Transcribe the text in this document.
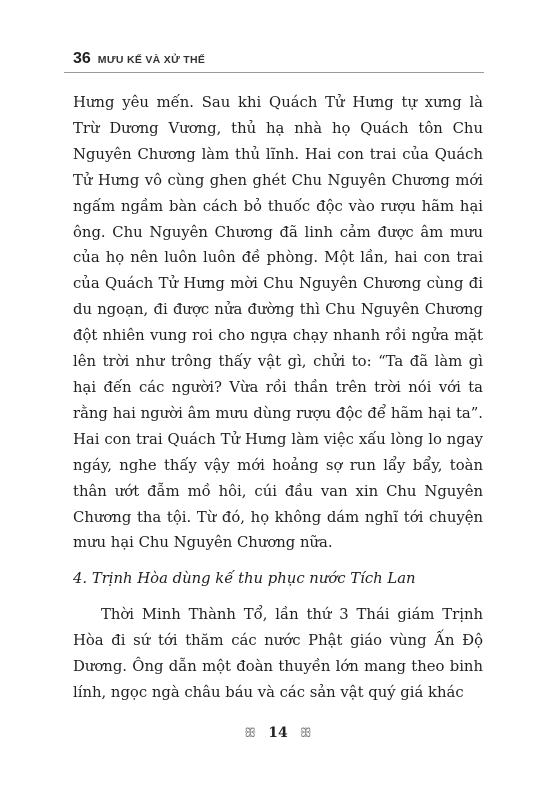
36 MƯU KẾ VÀ XỬ THẾ

Hưng yêu mến. Sau khi Quách Tử Hưng tự xưng là Trừ Dương Vương, thủ hạ nhà họ Quách tôn Chu Nguyên Chương làm thủ lĩnh. Hai con trai của Quách Tử Hưng vô cùng ghen ghét Chu Nguyên Chương mới ngấm ngầm bàn cách bỏ thuốc độc vào rượu hãm hại ông. Chu Nguyên Chương đã linh cảm được âm mưu của họ nên luôn luôn đề phòng. Một lần, hai con trai của Quách Tử Hưng mời Chu Nguyên Chương cùng đi du ngoạn, đi được nửa đường thì Chu Nguyên Chương đột nhiên vung roi cho ngựa chạy nhanh rồi ngửa mặt lên trời như trông thấy vật gì, chửi to: “Ta đã làm gì hại đến các người? Vừa rồi thần trên trời nói với ta rằng hai người âm mưu dùng rượu độc để hãm hại ta”. Hai con trai Quách Tử Hưng làm việc xấu lòng lo ngay ngáy, nghe thấy vậy mới hoảng sợ run lẩy bẩy, toàn thân ướt đẫm mồ hôi, cúi đầu van xin Chu Nguyên Chương tha tội. Từ đó, họ không dám nghĩ tới chuyện mưu hại Chu Nguyên Chương nữa.

4. Trịnh Hòa dùng kế thu phục nước Tích Lan

Thời Minh Thành Tổ, lần thứ 3 Thái giám Trịnh Hòa đi sứ tới thăm các nước Phật giáo vùng Ấn Độ Dương. Ông dẫn một đoàn thuyền lớn mang theo binh lính, ngọc ngà châu báu và các sản vật quý giá khác

ꕥ 14 ꕥ
